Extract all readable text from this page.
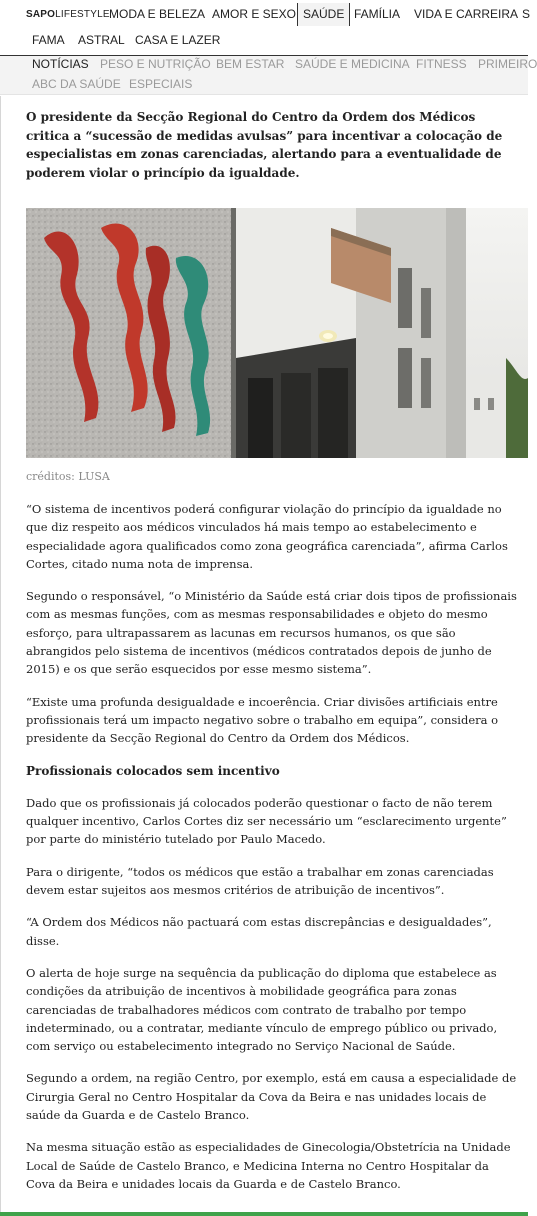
SAPOLIFESTYLE MODA E BELEZA AMOR E SEXO SAÚDE FAMÍLIA VIDA E CARREIRA S
FAMA ASTRAL CASA E LAZER
NOTÍCIAS PESO E NUTRIÇÃO BEM ESTAR SAÚDE E MEDICINA FITNESS PRIMEIRO
ABC DA SAÚDE ESPECIAIS

O presidente da Secção Regional do Centro da Ordem dos Médicos critica a “sucessão de medidas avulsas” para incentivar a colocação de especialistas em zonas carenciadas, alertando para a eventualidade de poderem violar o princípio da igualdade.

créditos: LUSA

“O sistema de incentivos poderá configurar violação do princípio da igualdade no que diz respeito aos médicos vinculados há mais tempo ao estabelecimento e especialidade agora qualificados como zona geográfica carenciada”, afirma Carlos Cortes, citado numa nota de imprensa.

Segundo o responsável, “o Ministério da Saúde está criar dois tipos de profissionais com as mesmas funções, com as mesmas responsabilidades e objeto do mesmo esforço, para ultrapassarem as lacunas em recursos humanos, os que são abrangidos pelo sistema de incentivos (médicos contratados depois de junho de 2015) e os que serão esquecidos por esse mesmo sistema”.

“Existe uma profunda desigualdade e incoerência. Criar divisões artificiais entre profissionais terá um impacto negativo sobre o trabalho em equipa”, considera o presidente da Secção Regional do Centro da Ordem dos Médicos.

Profissionais colocados sem incentivo

Dado que os profissionais já colocados poderão questionar o facto de não terem qualquer incentivo, Carlos Cortes diz ser necessário um “esclarecimento urgente” por parte do ministério tutelado por Paulo Macedo.

Para o dirigente, “todos os médicos que estão a trabalhar em zonas carenciadas devem estar sujeitos aos mesmos critérios de atribuição de incentivos”.

“A Ordem dos Médicos não pactuará com estas discrepâncias e desigualdades”, disse.

O alerta de hoje surge na sequência da publicação do diploma que estabelece as condições da atribuição de incentivos à mobilidade geográfica para zonas carenciadas de trabalhadores médicos com contrato de trabalho por tempo indeterminado, ou a contratar, mediante vínculo de emprego público ou privado, com serviço ou estabelecimento integrado no Serviço Nacional de Saúde.

Segundo a ordem, na região Centro, por exemplo, está em causa a especialidade de Cirurgia Geral no Centro Hospitalar da Cova da Beira e nas unidades locais de saúde da Guarda e de Castelo Branco.

Na mesma situação estão as especialidades de Ginecologia/Obstetrícia na Unidade Local de Saúde de Castelo Branco, e Medicina Interna no Centro Hospitalar da Cova da Beira e unidades locais da Guarda e de Castelo Branco.
